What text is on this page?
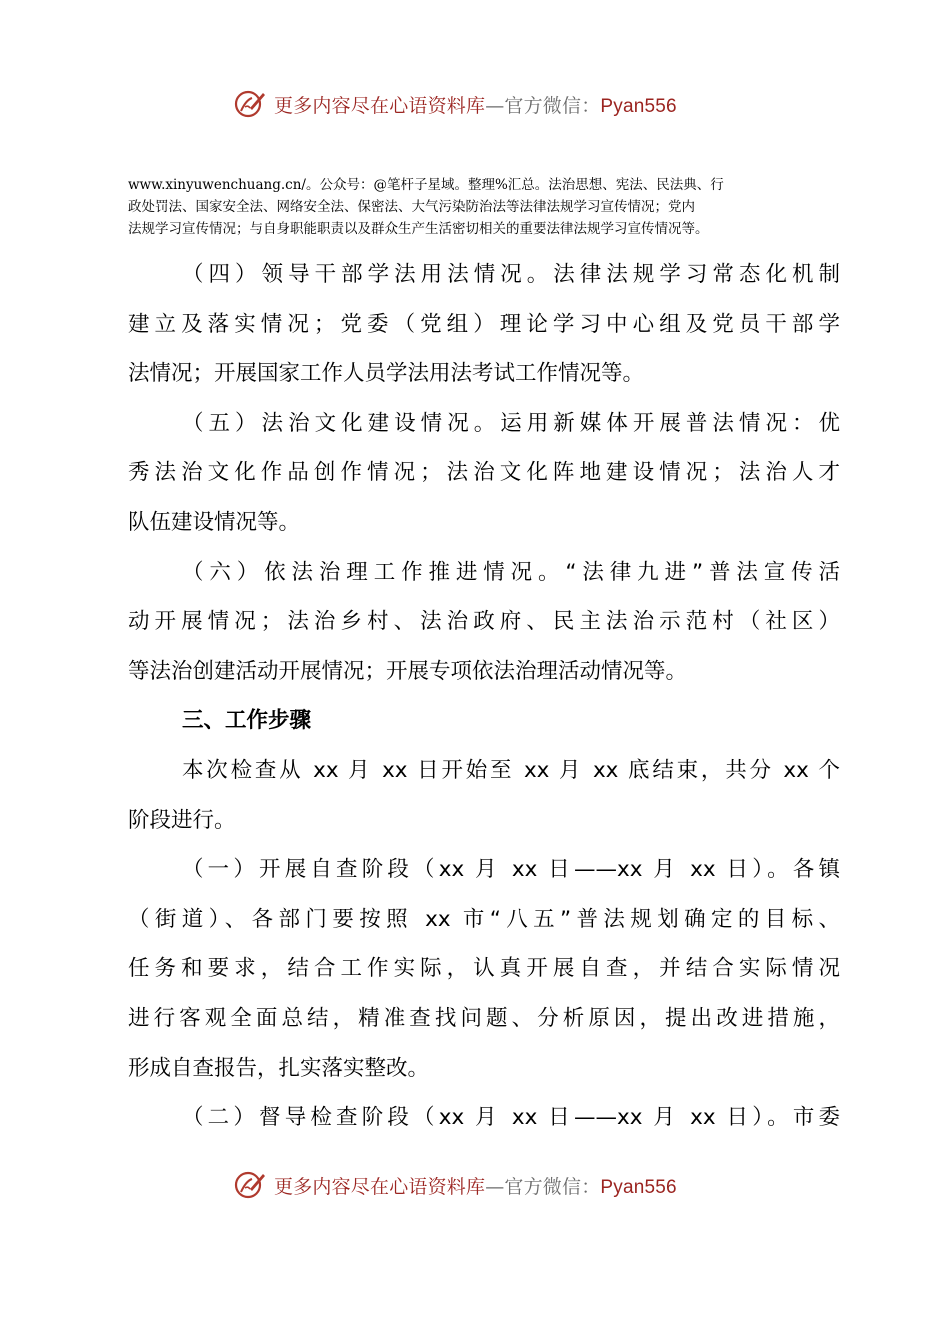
更多内容尽在心语资料库—官方微信：Pyan556
www.xinyuwenchuang.cn/。公众号：@笔杆子星域。整理%汇总。法治思想、宪法、民法典、行
政处罚法、国家安全法、网络安全法、保密法、大气污染防治法等法律法规学习宣传情况；党内
法规学习宣传情况；与自身职能职责以及群众生产生活密切相关的重要法律法规学习宣传情况等。
（四）领导干部学法用法情况。法律法规学习常态化机制
建立及落实情况；党委（党组）理论学习中心组及党员干部学
法情况；开展国家工作人员学法用法考试工作情况等。
（五）法治文化建设情况。运用新媒体开展普法情况：优
秀法治文化作品创作情况；法治文化阵地建设情况；法治人才
队伍建设情况等。
（六）依法治理工作推进情况。“法律九进”普法宣传活
动开展情况；法治乡村、法治政府、民主法治示范村（社区）
等法治创建活动开展情况；开展专项依法治理活动情况等。
三、工作步骤
本次检查从 xx 月 xx 日开始至 xx 月 xx 底结束，共分 xx 个
阶段进行。
（一）开展自查阶段（xx 月 xx 日——xx 月 xx 日）。各镇
（街道）、各部门要按照 xx 市“八五”普法规划确定的目标、
任务和要求，结合工作实际，认真开展自查，并结合实际情况
进行客观全面总结，精准查找问题、分析原因，提出改进措施，
形成自查报告，扎实落实整改。
（二）督导检查阶段（xx 月 xx 日——xx 月 xx 日）。市委
更多内容尽在心语资料库—官方微信：Pyan556
